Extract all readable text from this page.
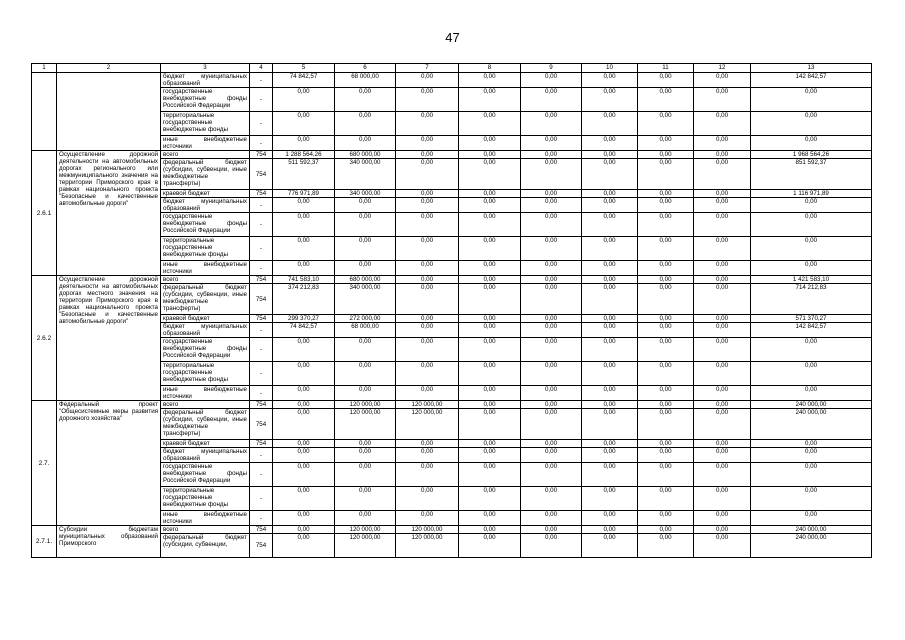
47
1	2	3	4	5	6	7	8	9	10	11	12	13
		бюджет муниципальных образований	-	74 842,57	68 000,00	0,00	0,00	0,00	0,00	0,00	0,00	142 842,57
		государственные внебюджетные фонды Российской Федерации	-	0,00	0,00	0,00	0,00	0,00	0,00	0,00	0,00	0,00
		территориальные государственные внебюджетные фонды	-	0,00	0,00	0,00	0,00	0,00	0,00	0,00	0,00	0,00
		иные внебюджетные источники	-	0,00	0,00	0,00	0,00	0,00	0,00	0,00	0,00	0,00
2.6.1	Осуществление дорожной деятельности на автомобильных дорогах регионального или межмуниципального значения на территории Приморского края в рамках национального проекта "Безопасные и качественные автомобильные дороги"	всего	754	1 288 564,26	680 000,00	0,00	0,00	0,00	0,00	0,00	0,00	1 968 564,26
		федеральный бюджет (субсидии, субвенции, иные межбюджетные трансферты)	754	511 592,37	340 000,00	0,00	0,00	0,00	0,00	0,00	0,00	851 592,37
		краевой бюджет	754	776 971,89	340 000,00	0,00	0,00	0,00	0,00	0,00	0,00	1 116 971,89
		бюджет муниципальных образований	-	0,00	0,00	0,00	0,00	0,00	0,00	0,00	0,00	0,00
		государственные внебюджетные фонды Российской Федерации	-	0,00	0,00	0,00	0,00	0,00	0,00	0,00	0,00	0,00
		территориальные государственные внебюджетные фонды	-	0,00	0,00	0,00	0,00	0,00	0,00	0,00	0,00	0,00
		иные внебюджетные источники	-	0,00	0,00	0,00	0,00	0,00	0,00	0,00	0,00	0,00
2.6.2	Осуществление дорожной деятельности на автомобильных дорогах местного значения на территории Приморского края в рамках национального проекта "Безопасные и качественные автомобильные дороги"	всего	754	741 583,10	680 000,00	0,00	0,00	0,00	0,00	0,00	0,00	1 421 583,10
		федеральный бюджет (субсидии, субвенции, иные межбюджетные трансферты)	754	374 212,83	340 000,00	0,00	0,00	0,00	0,00	0,00	0,00	714 212,83
		краевой бюджет	754	299 370,27	272 000,00	0,00	0,00	0,00	0,00	0,00	0,00	571 370,27
		бюджет муниципальных образований	-	74 842,57	68 000,00	0,00	0,00	0,00	0,00	0,00	0,00	142 842,57
		государственные внебюджетные фонды Российской Федерации	-	0,00	0,00	0,00	0,00	0,00	0,00	0,00	0,00	0,00
		территориальные государственные внебюджетные фонды	-	0,00	0,00	0,00	0,00	0,00	0,00	0,00	0,00	0,00
		иные внебюджетные источники	-	0,00	0,00	0,00	0,00	0,00	0,00	0,00	0,00	0,00
2.7.	Федеральный проект "Общесистемные меры развития дорожного хозяйства"	всего	754	0,00	120 000,00	120 000,00	0,00	0,00	0,00	0,00	0,00	240 000,00
		федеральный бюджет (субсидии, субвенции, иные межбюджетные трансферты)	754	0,00	120 000,00	120 000,00	0,00	0,00	0,00	0,00	0,00	240 000,00
		краевой бюджет	754	0,00	0,00	0,00	0,00	0,00	0,00	0,00	0,00	0,00
		бюджет муниципальных образований	-	0,00	0,00	0,00	0,00	0,00	0,00	0,00	0,00	0,00
		государственные внебюджетные фонды Российской Федерации	-	0,00	0,00	0,00	0,00	0,00	0,00	0,00	0,00	0,00
		территориальные государственные внебюджетные фонды	-	0,00	0,00	0,00	0,00	0,00	0,00	0,00	0,00	0,00
		иные внебюджетные источники	-	0,00	0,00	0,00	0,00	0,00	0,00	0,00	0,00	0,00
2.7.1.	Субсидии бюджетам муниципальных образований Приморского	всего	754	0,00	120 000,00	120 000,00	0,00	0,00	0,00	0,00	0,00	240 000,00
		федеральный бюджет (субсидии, субвенции,	754	0,00	120 000,00	120 000,00	0,00	0,00	0,00	0,00	0,00	240 000,00
